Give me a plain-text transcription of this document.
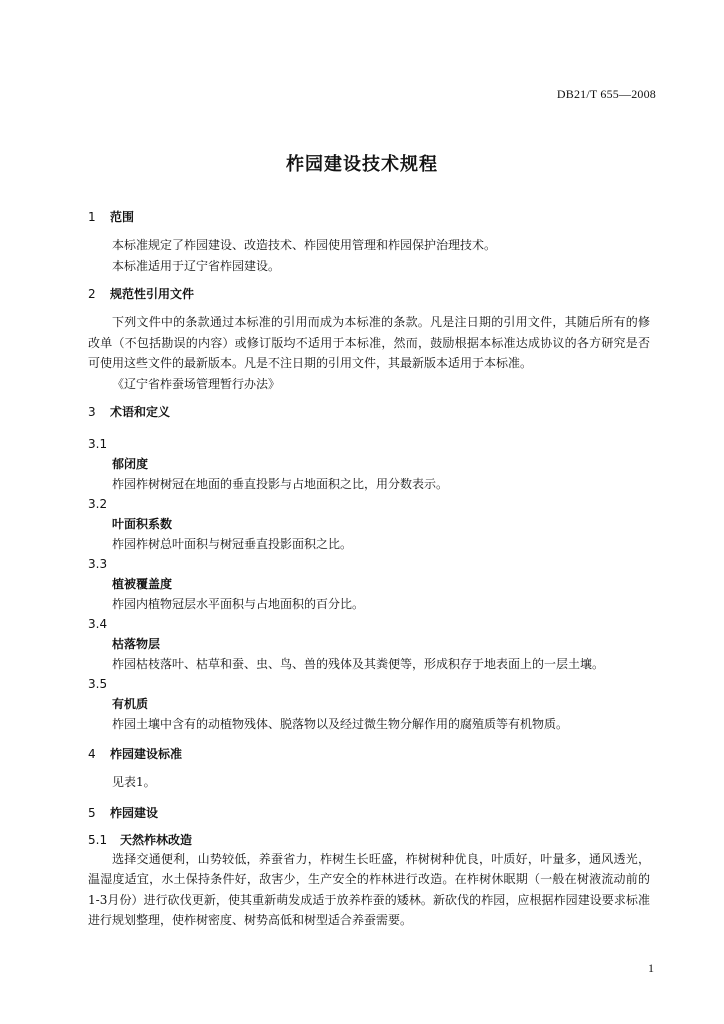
DB21/T 655—2008
柞园建设技术规程
1 范围

本标准规定了柞园建设、改造技术、柞园使用管理和柞园保护治理技术。

本标准适用于辽宁省柞园建设。

2 规范性引用文件

下列文件中的条款通过本标准的引用而成为本标准的条款。凡是注日期的引用文件，其随后所有的修改单（不包括勘误的内容）或修订版均不适用于本标准，然而，鼓励根据本标准达成协议的各方研究是否可使用这些文件的最新版本。凡是不注日期的引用文件，其最新版本适用于本标准。

《辽宁省柞蚕场管理暂行办法》

3 术语和定义

3.1

郁闭度

柞园柞树树冠在地面的垂直投影与占地面积之比，用分数表示。

3.2

叶面积系数

柞园柞树总叶面积与树冠垂直投影面积之比。

3.3

植被覆盖度

柞园内植物冠层水平面积与占地面积的百分比。

3.4

枯落物层

柞园枯枝落叶、枯草和蚕、虫、鸟、兽的残体及其粪便等，形成积存于地表面上的一层土壤。

3.5

有机质

柞园土壤中含有的动植物残体、脱落物以及经过微生物分解作用的腐殖质等有机物质。

4 柞园建设标准

见表1。

5 柞园建设
5.1 天然柞林改造

选择交通便利，山势较低，养蚕省力，柞树生长旺盛，柞树树种优良，叶质好，叶量多，通风透光，温湿度适宜，水土保持条件好，敌害少，生产安全的柞林进行改造。在柞树休眠期（一般在树液流动前的1-3月份）进行砍伐更新，使其重新萌发成适于放养柞蚕的矮林。新砍伐的柞园，应根据柞园建设要求标准进行规划整理，使柞树密度、树势高低和树型适合养蚕需要。

1
